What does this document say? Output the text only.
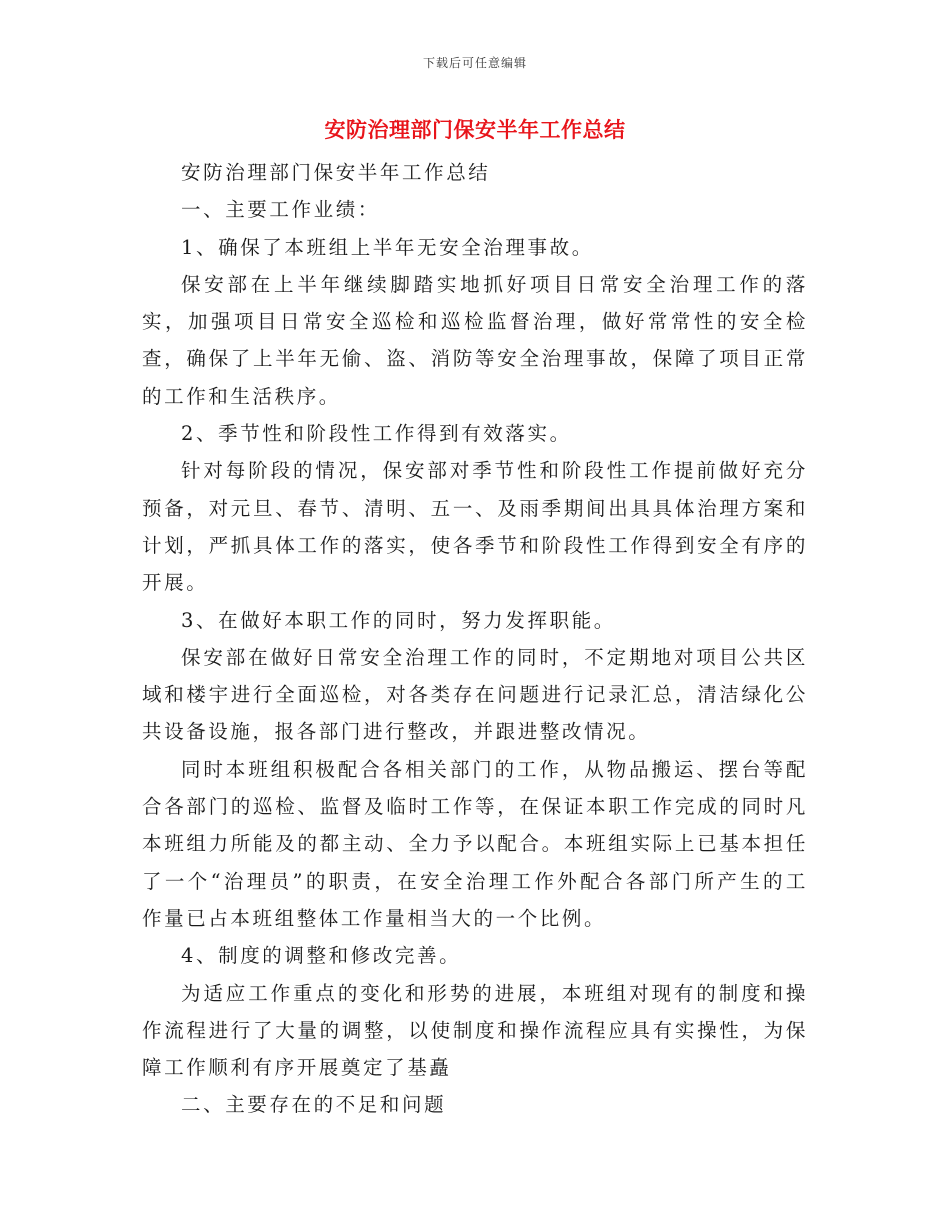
下载后可任意编辑
安防治理部门保安半年工作总结

安防治理部门保安半年工作总结

一、主要工作业绩：

1、确保了本班组上半年无安全治理事故。

保安部在上半年继续脚踏实地抓好项目日常安全治理工作的落实，加强项目日常安全巡检和巡检监督治理，做好常常性的安全检查，确保了上半年无偷、盗、消防等安全治理事故，保障了项目正常的工作和生活秩序。

2、季节性和阶段性工作得到有效落实。

针对每阶段的情况，保安部对季节性和阶段性工作提前做好充分预备，对元旦、春节、清明、五一、及雨季期间出具具体治理方案和计划，严抓具体工作的落实，使各季节和阶段性工作得到安全有序的开展。

3、在做好本职工作的同时，努力发挥职能。

保安部在做好日常安全治理工作的同时，不定期地对项目公共区域和楼宇进行全面巡检，对各类存在问题进行记录汇总，清洁绿化公共设备设施，报各部门进行整改，并跟进整改情况。

同时本班组积极配合各相关部门的工作，从物品搬运、摆台等配合各部门的巡检、监督及临时工作等，在保证本职工作完成的同时凡本班组力所能及的都主动、全力予以配合。本班组实际上已基本担任了一个“治理员”的职责，在安全治理工作外配合各部门所产生的工作量已占本班组整体工作量相当大的一个比例。

4、制度的调整和修改完善。

为适应工作重点的变化和形势的进展，本班组对现有的制度和操作流程进行了大量的调整，以使制度和操作流程应具有实操性，为保障工作顺利有序开展奠定了基矗

二、主要存在的不足和问题
